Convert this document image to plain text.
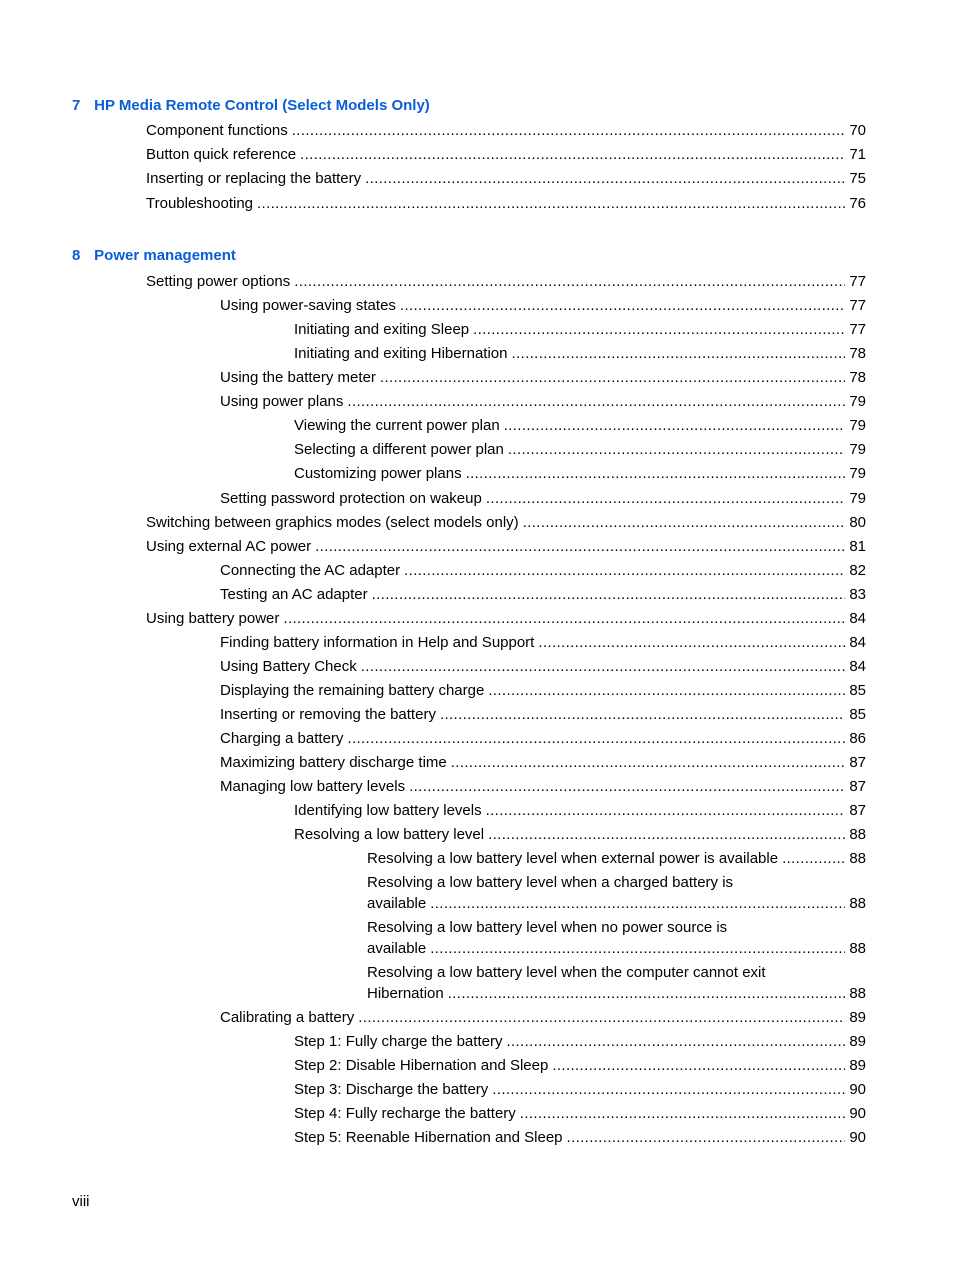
7 HP Media Remote Control (Select Models Only)
Component functions . . .	70
Button quick reference . . .	71
Inserting or replacing the battery . . .	75
Troubleshooting . . .	76
8 Power management
Setting power options . . .	77
Using power-saving states . . .	77
Initiating and exiting Sleep . . .	77
Initiating and exiting Hibernation . . .	78
Using the battery meter . . .	78
Using power plans . . .	79
Viewing the current power plan . . .	79
Selecting a different power plan . . .	79
Customizing power plans . . .	79
Setting password protection on wakeup . . .	79
Switching between graphics modes (select models only) . . .	80
Using external AC power . . .	81
Connecting the AC adapter . . .	82
Testing an AC adapter . . .	83
Using battery power . . .	84
Finding battery information in Help and Support . . .	84
Using Battery Check . . .	84
Displaying the remaining battery charge . . .	85
Inserting or removing the battery . . .	85
Charging a battery . . .	86
Maximizing battery discharge time . . .	87
Managing low battery levels . . .	87
Identifying low battery levels . . .	87
Resolving a low battery level . . .	88
Resolving a low battery level when external power is available . . .	88
Resolving a low battery level when a charged battery is
available . . .	88
Resolving a low battery level when no power source is
available . . .	88
Resolving a low battery level when the computer cannot exit
Hibernation . . .	88
Calibrating a battery . . .	89
Step 1: Fully charge the battery . . .	89
Step 2: Disable Hibernation and Sleep . . .	89
Step 3: Discharge the battery . . .	90
Step 4: Fully recharge the battery . . .	90
Step 5: Reenable Hibernation and Sleep . . .	90
viii
